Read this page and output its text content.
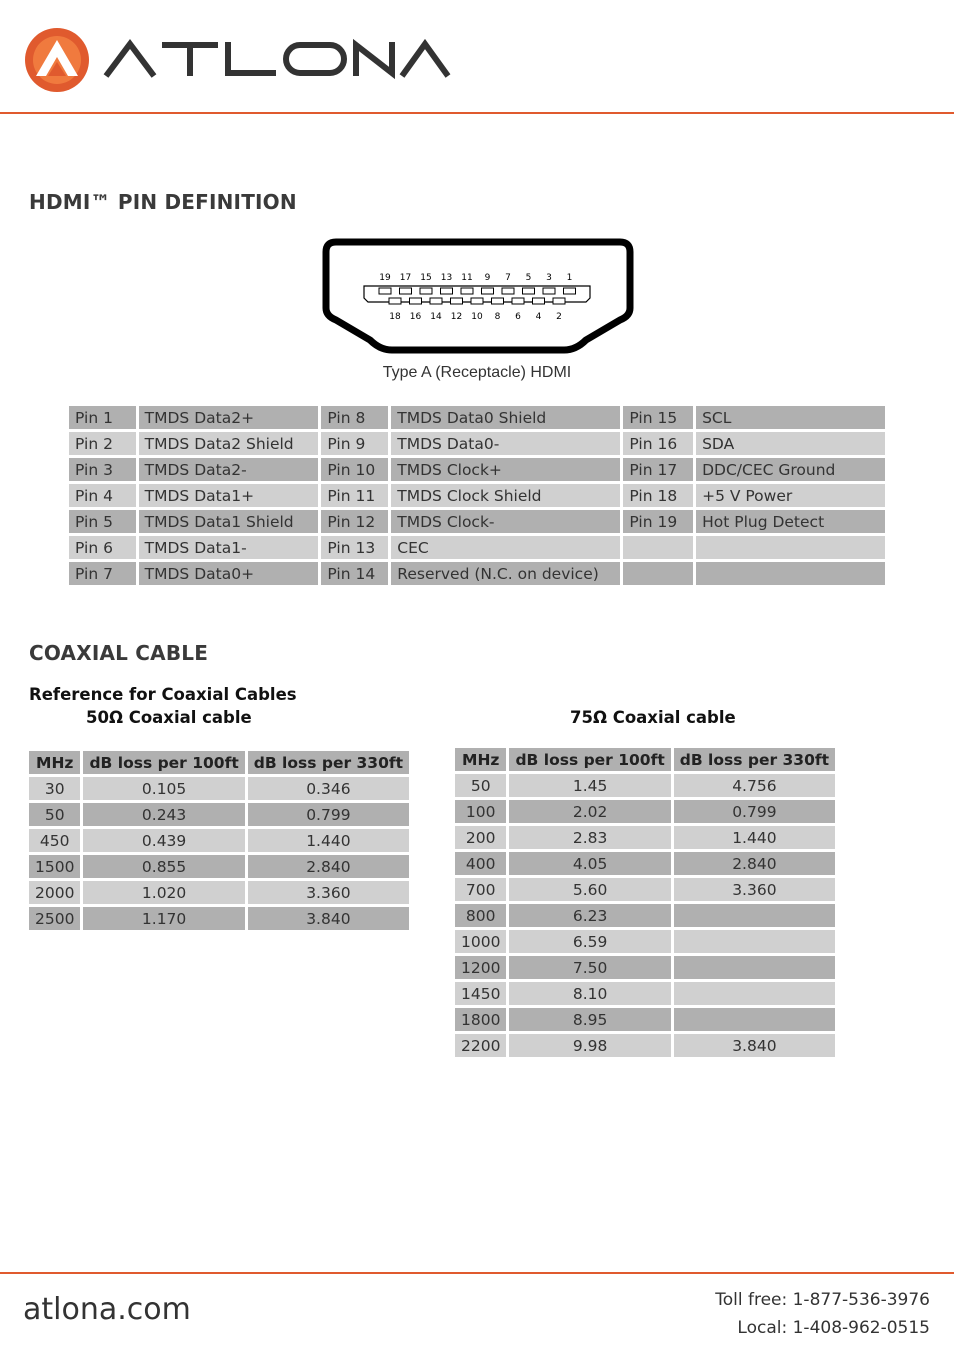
HDMI™ PIN DEFINITION
19 17 15 13 11 9 7 5 3 1
18 16 14 12 10 8 6 4 2
Type A (Receptacle) HDMI
Pin 1	TMDS Data2+	Pin 8	TMDS Data0 Shield	Pin 15	SCL
Pin 2	TMDS Data2 Shield	Pin 9	TMDS Data0-	Pin 16	SDA
Pin 3	TMDS Data2-	Pin 10	TMDS Clock+	Pin 17	DDC/CEC Ground
Pin 4	TMDS Data1+	Pin 11	TMDS Clock Shield	Pin 18	+5 V Power
Pin 5	TMDS Data1 Shield	Pin 12	TMDS Clock-	Pin 19	Hot Plug Detect
Pin 6	TMDS Data1-	Pin 13	CEC		
Pin 7	TMDS Data0+	Pin 14	Reserved (N.C. on device)		
COAXIAL CABLE

Reference for Coaxial Cables

50Ω Coaxial cable	75Ω Coaxial cable

MHz	dB loss per 100ft	dB loss per 330ft
30	0.105	0.346
50	0.243	0.799
450	0.439	1.440
1500	0.855	2.840
2000	1.020	3.360
2500	1.170	3.840
MHz	dB loss per 100ft	dB loss per 330ft
50	1.45	4.756
100	2.02	0.799
200	2.83	1.440
400	4.05	2.840
700	5.60	3.360
800	6.23	
1000	6.59	
1200	7.50	
1450	8.10	
1800	8.95	
2200	9.98	3.840
atlona.com	Toll free: 1-877-536-3976
Local: 1-408-962-0515
